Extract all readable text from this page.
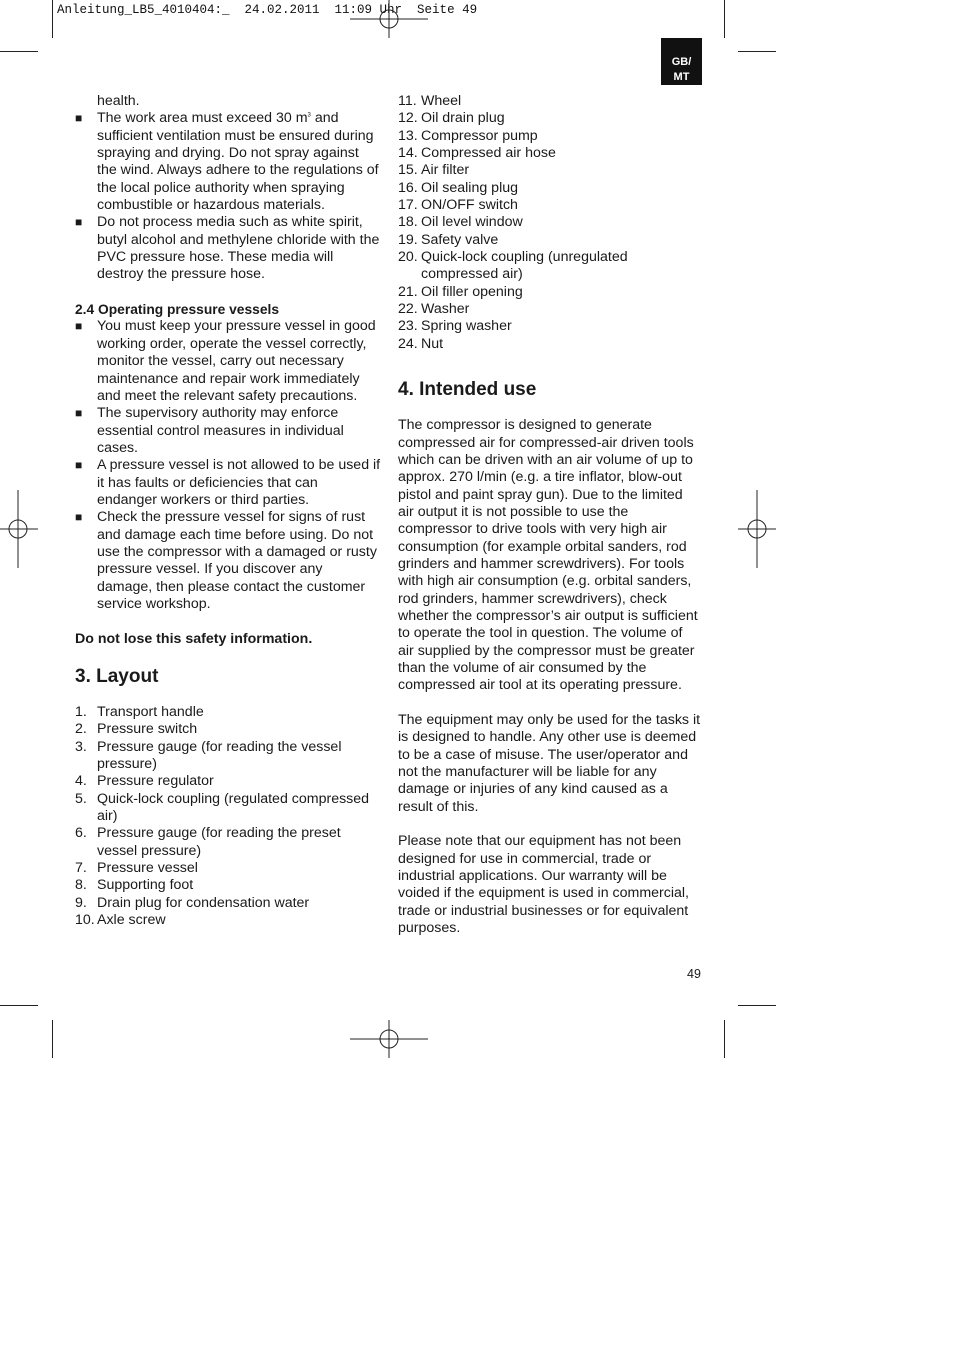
Anleitung_LB5_4010404:_  24.02.2011  11:09 Uhr  Seite 49
GB/
MT

health.

■ The work area must exceed 30 $m^3$ and sufficient ventilation must be ensured during spraying and drying. Do not spray against the wind. Always adhere to the regulations of the local police authority when spraying combustible or hazardous materials.
■ Do not process media such as white spirit, butyl alcohol and methylene chloride with the PVC pressure hose. These media will destroy the pressure hose.

2.4 Operating pressure vessels

■ You must keep your pressure vessel in good working order, operate the vessel correctly, monitor the vessel, carry out necessary maintenance and repair work immediately and meet the relevant safety precautions.
■ The supervisory authority may enforce essential control measures in individual cases.
■ A pressure vessel is not allowed to be used if it has faults or deficiencies that can endanger workers or third parties.
■ Check the pressure vessel for signs of rust and damage each time before using. Do not use the compressor with a damaged or rusty pressure vessel. If you discover any damage, then please contact the customer service workshop.

Do not lose this safety information.

3. Layout
1. Transport handle
2. Pressure switch
3. Pressure gauge (for reading the vessel pressure)
4. Pressure regulator
5. Quick-lock coupling (regulated compressed air)
6. Pressure gauge (for reading the preset vessel pressure)
7. Pressure vessel
8. Supporting foot
9. Drain plug for condensation water
10. Axle screw
11. Wheel
12. Oil drain plug
13. Compressor pump
14. Compressed air hose
15. Air filter
16. Oil sealing plug
17. ON/OFF switch
18. Oil level window
19. Safety valve
20. Quick-lock coupling (unregulated compressed air)
21. Oil filler opening
22. Washer
23. Spring washer
24. Nut
4. Intended use

The compressor is designed to generate compressed air for compressed-air driven tools which can be driven with an air volume of up to approx. 270 l/min (e.g. a tire inflator, blow-out pistol and paint spray gun). Due to the limited air output it is not possible to use the compressor to drive tools with very high air consumption (for example orbital sanders, rod grinders and hammer screwdrivers). For tools with high air consumption (e.g. orbital sanders, rod grinders, hammer screwdrivers), check whether the compressor’s air output is sufficient to operate the tool in question. The volume of air supplied by the compressor must be greater than the volume of air consumed by the compressed air tool at its operating pressure.

The equipment may only be used for the tasks it is designed to handle. Any other use is deemed to be a case of misuse. The user/operator and not the manufacturer will be liable for any damage or injuries of any kind caused as a result of this.

Please note that our equipment has not been designed for use in commercial, trade or industrial applications. Our warranty will be voided if the equipment is used in commercial, trade or industrial businesses or for equivalent purposes.

49
